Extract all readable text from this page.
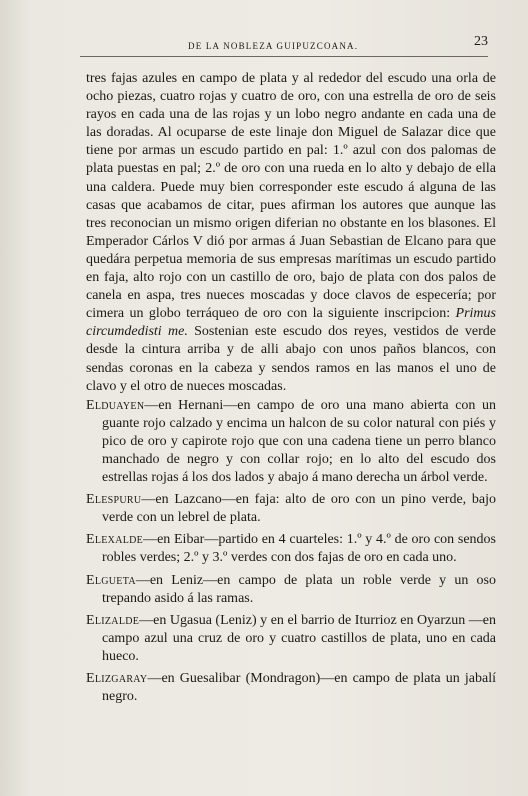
DE LA NOBLEZA GUIPUZCOANA.	23

tres fajas azules en campo de plata y al rededor del escudo una orla de ocho piezas, cuatro rojas y cuatro de oro, con una estrella de oro de seis rayos en cada una de las rojas y un lobo negro andante en cada una de las doradas. Al ocuparse de este linaje don Miguel de Salazar dice que tiene por armas un escudo partido en pal: 1.º azul con dos palomas de plata puestas en pal; 2.º de oro con una rueda en lo alto y debajo de ella una caldera. Puede muy bien corresponder este escudo á alguna de las casas que acabamos de citar, pues afirman los autores que aunque las tres reconocian un mismo origen diferian no obstante en los blasones. El Emperador Cárlos V dió por armas á Juan Sebastian de Elcano para que quedára perpetua memoria de sus empresas marítimas un escudo partido en faja, alto rojo con un castillo de oro, bajo de plata con dos palos de canela en aspa, tres nueces moscadas y doce clavos de especería; por cimera un globo terráqueo de oro con la siguiente inscripcion: Primus circumdedisti me. Sostenian este escudo dos reyes, vestidos de verde desde la cintura arriba y de alli abajo con unos paños blancos, con sendas coronas en la cabeza y sendos ramos en las manos el uno de clavo y el otro de nueces moscadas.

Elduayen—en Hernani—en campo de oro una mano abierta con un guante rojo calzado y encima un halcon de su color natural con piés y pico de oro y capirote rojo que con una cadena tiene un perro blanco manchado de negro y con collar rojo; en lo alto del escudo dos estrellas rojas á los dos lados y abajo á mano derecha un árbol verde.

Elespuru—en Lazcano—en faja: alto de oro con un pino verde, bajo verde con un lebrel de plata.

Elexalde—en Eibar—partido en 4 cuarteles: 1.º y 4.º de oro con sendos robles verdes; 2.º y 3.º verdes con dos fajas de oro en cada uno.

Elgueta—en Leniz—en campo de plata un roble verde y un oso trepando asido á las ramas.

Elizalde—en Ugasua (Leniz) y en el barrio de Iturrioz en Oyarzun —en campo azul una cruz de oro y cuatro castillos de plata, uno en cada hueco.

Elizgaray—en Guesalibar (Mondragon)—en campo de plata un jabalí negro.
